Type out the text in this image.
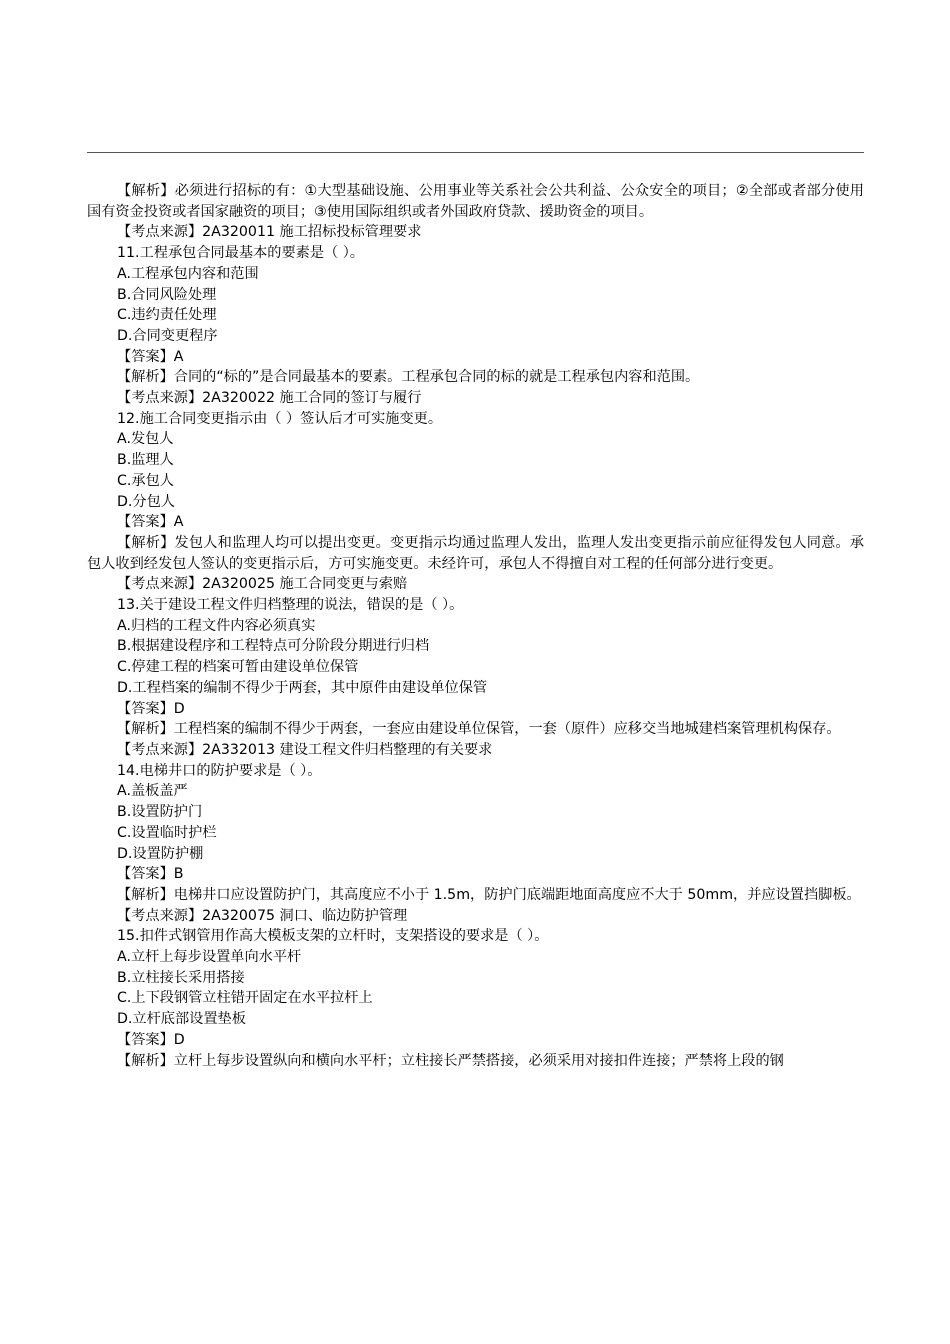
【解析】必须进行招标的有：①大型基础设施、公用事业等关系社会公共利益、公众安全的项目；②全部或者部分使用国有资金投资或者国家融资的项目；③使用国际组织或者外国政府贷款、援助资金的项目。

【考点来源】2A320011 施工招标投标管理要求

11.工程承包合同最基本的要素是（ ）。

A.工程承包内容和范围

B.合同风险处理

C.违约责任处理

D.合同变更程序

【答案】A

【解析】合同的“标的”是合同最基本的要素。工程承包合同的标的就是工程承包内容和范围。

【考点来源】2A320022 施工合同的签订与履行

12.施工合同变更指示由（ ）签认后才可实施变更。

A.发包人

B.监理人

C.承包人

D.分包人

【答案】A

【解析】发包人和监理人均可以提出变更。变更指示均通过监理人发出，监理人发出变更指示前应征得发包人同意。承包人收到经发包人签认的变更指示后，方可实施变更。未经许可，承包人不得擅自对工程的任何部分进行变更。

【考点来源】2A320025 施工合同变更与索赔

13.关于建设工程文件归档整理的说法，错误的是（ ）。

A.归档的工程文件内容必须真实

B.根据建设程序和工程特点可分阶段分期进行归档

C.停建工程的档案可暂由建设单位保管

D.工程档案的编制不得少于两套，其中原件由建设单位保管

【答案】D

【解析】工程档案的编制不得少于两套，一套应由建设单位保管，一套（原件）应移交当地城建档案管理机构保存。

【考点来源】2A332013 建设工程文件归档整理的有关要求

14.电梯井口的防护要求是（ ）。

A.盖板盖严

B.设置防护门

C.设置临时护栏

D.设置防护棚

【答案】B

【解析】电梯井口应设置防护门，其高度应不小于 1.5m，防护门底端距地面高度应不大于 50mm，并应设置挡脚板。

【考点来源】2A320075 洞口、临边防护管理

15.扣件式钢管用作高大模板支架的立杆时，支架搭设的要求是（ ）。

A.立杆上每步设置单向水平杆

B.立柱接长采用搭接

C.上下段钢管立柱错开固定在水平拉杆上

D.立杆底部设置垫板

【答案】D

【解析】立杆上每步设置纵向和横向水平杆；立柱接长严禁搭接，必须采用对接扣件连接；严禁将上段的钢
